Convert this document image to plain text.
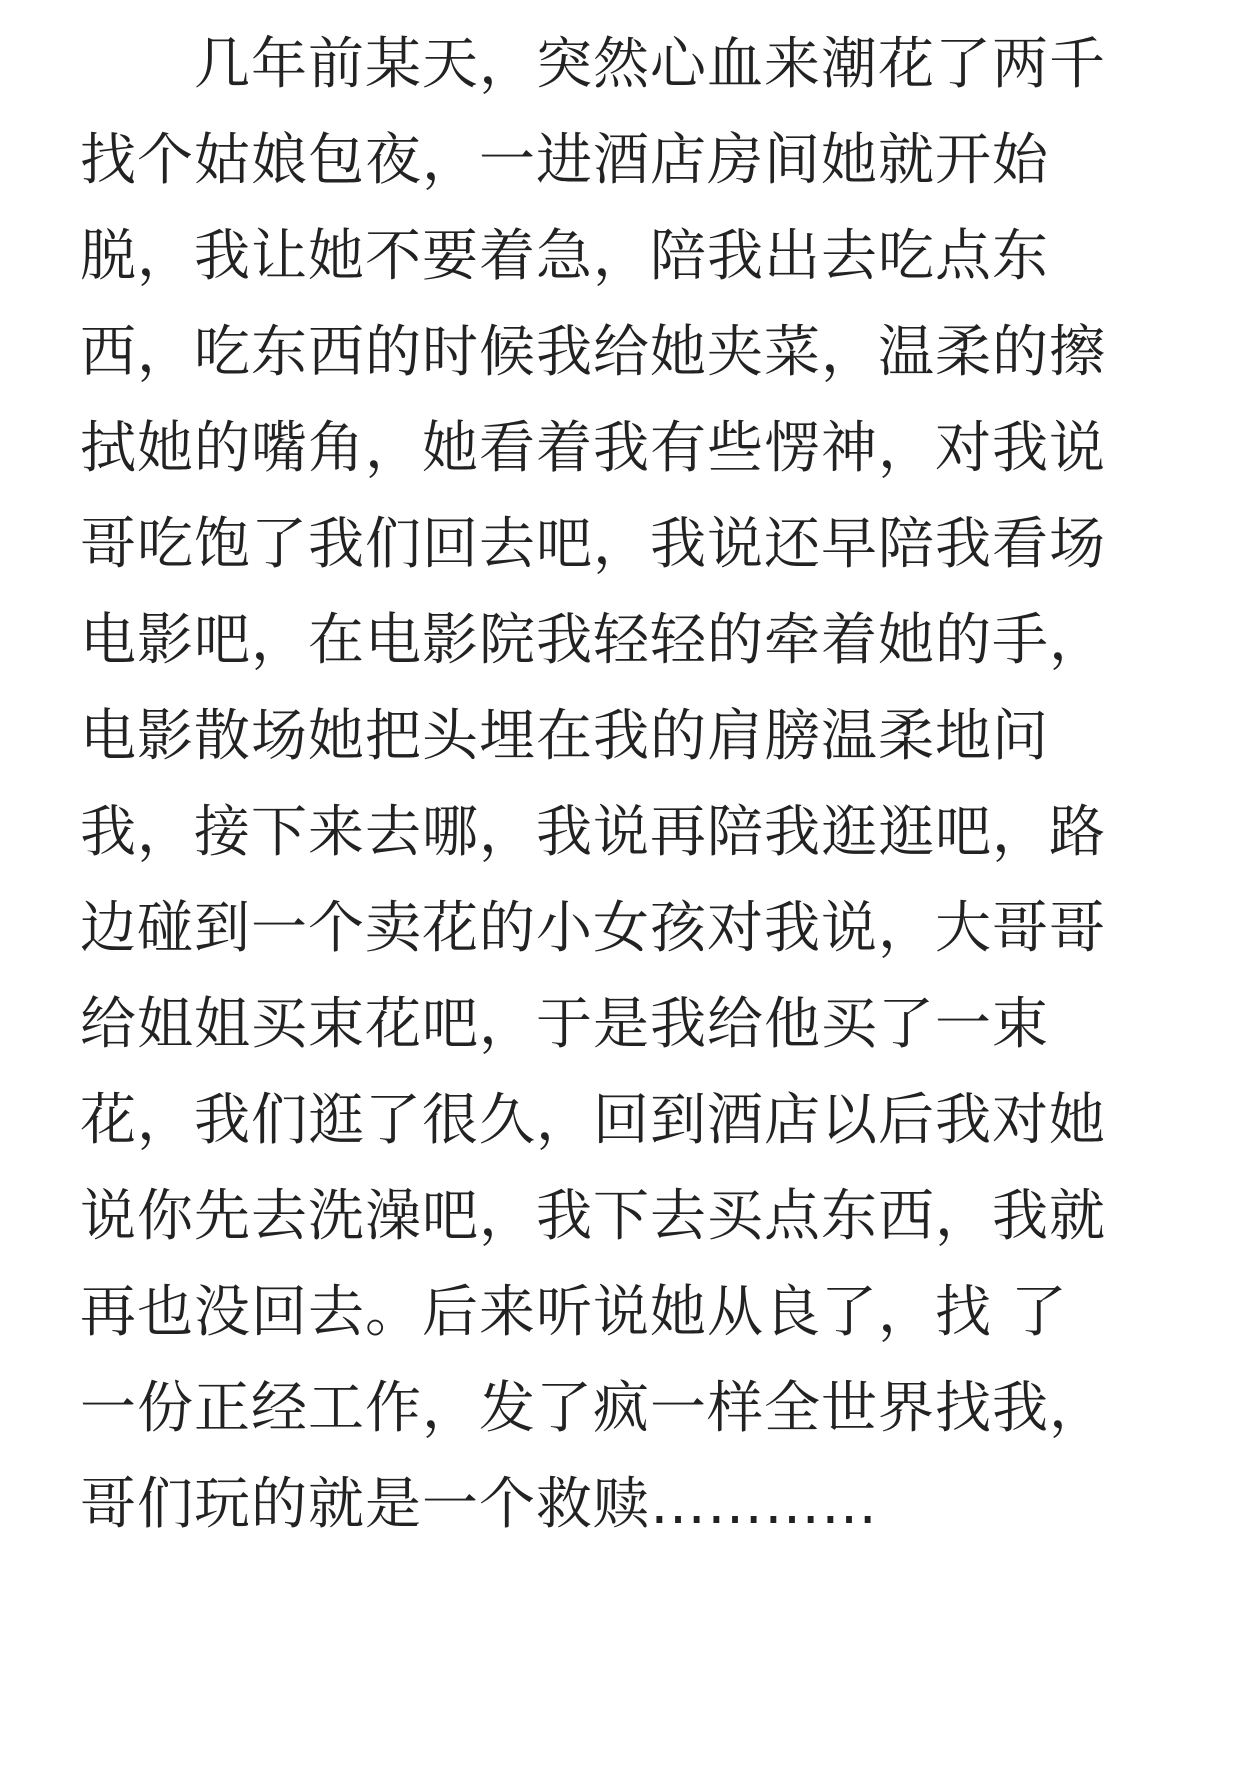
　　几年前某天，突然心血来潮花了两千

找个姑娘包夜，一进酒店房间她就开始

脱，我让她不要着急，陪我出去吃点东

西，吃东西的时候我给她夹菜，温柔的擦

拭她的嘴角，她看着我有些愣神，对我说

哥吃饱了我们回去吧，我说还早陪我看场

电影吧，在电影院我轻轻的牵着她的手，

电影散场她把头埋在我的肩膀温柔地问

我，接下来去哪，我说再陪我逛逛吧，路

边碰到一个卖花的小女孩对我说，大哥哥

给姐姐买束花吧，于是我给他买了一束

花，我们逛了很久，回到酒店以后我对她

说你先去洗澡吧，我下去买点东西，我就

再也没回去。后来听说她从良了，找 了

一份正经工作，发了疯一样全世界找我，

哥们玩的就是一个救赎…………
